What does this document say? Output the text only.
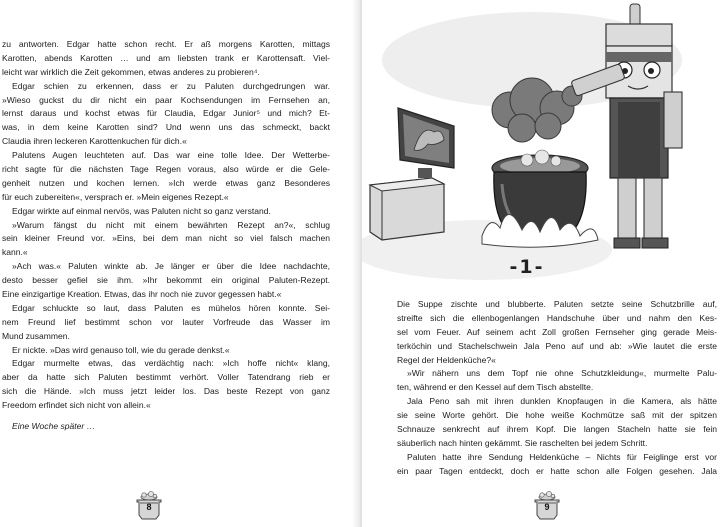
zu antworten. Edgar hatte schon recht. Er aß morgens Karotten, mittags
Karotten, abends Karotten … und am liebsten trank er Karottensaft. Viel-
leicht war wirklich die Zeit gekommen, etwas anderes zu probieren⁴.
Edgar schien zu erkennen, dass er zu Paluten durchgedrungen war.
»Wieso guckst du dir nicht ein paar Kochsendungen im Fernsehen an,
lernst daraus und kochst etwas für Claudia, Edgar Junior⁵ und mich? Et-
was, in dem keine Karotten sind? Und wenn uns das schmeckt, backt
Claudia ihren leckeren Karottenkuchen für dich.«
Palutens Augen leuchteten auf. Das war eine tolle Idee. Der Wetterbe-
richt sagte für die nächsten Tage Regen voraus, also würde er die Gele-
genheit nutzen und kochen lernen. »Ich werde etwas ganz Besonderes
für euch zubereiten«, versprach er. »Mein eigenes Rezept.«
Edgar wirkte auf einmal nervös, was Paluten nicht so ganz verstand.
»Warum fängst du nicht mit einem bewährten Rezept an?«, schlug
sein kleiner Freund vor. »Eins, bei dem man nicht so viel falsch machen
kann.«
»Ach was.« Paluten winkte ab. Je länger er über die Idee nachdachte,
desto besser gefiel sie ihm. »Ihr bekommt ein original Paluten-Rezept.
Eine einzigartige Kreation. Etwas, das ihr noch nie zuvor gegessen habt.«
Edgar schluckte so laut, dass Paluten es mühelos hören konnte. Sei-
nem Freund lief bestimmt schon vor lauter Vorfreude das Wasser im
Mund zusammen.
Er nickte. »Das wird genauso toll, wie du gerade denkst.«
Edgar murmelte etwas, das verdächtig nach: »Ich hoffe nicht« klang,
aber da hatte sich Paluten bestimmt verhört. Voller Tatendrang rieb er
sich die Hände. »Ich muss jetzt leider los. Das beste Rezept von ganz
Freedom erfindet sich nicht von allein.«
Eine Woche später …
8
-1-
Die Suppe zischte und blubberte. Paluten setzte seine Schutzbrille auf,
streifte sich die ellenbogenlangen Handschuhe über und nahm den Kes-
sel vom Feuer. Auf seinem acht Zoll großen Fernseher ging gerade Meis-
terköchin und Stachelschwein Jala Peno auf und ab: »Wie lautet die erste
Regel der Heldenküche?«
»Wir nähern uns dem Topf nie ohne Schutzkleidung«, murmelte Palu-
ten, während er den Kessel auf dem Tisch abstellte.
Jala Peno sah mit ihren dunklen Knopfaugen in die Kamera, als hätte
sie seine Worte gehört. Die hohe weiße Kochmütze saß mit der spitzen
Schnauze senkrecht auf ihrem Kopf. Die langen Stacheln hatte sie fein
säuberlich nach hinten gekämmt. Sie raschelten bei jedem Schritt.
Paluten hatte ihre Sendung Heldenküche – Nichts für Feiglinge erst vor
ein paar Tagen entdeckt, doch er hatte schon alle Folgen gesehen. Jala
9
